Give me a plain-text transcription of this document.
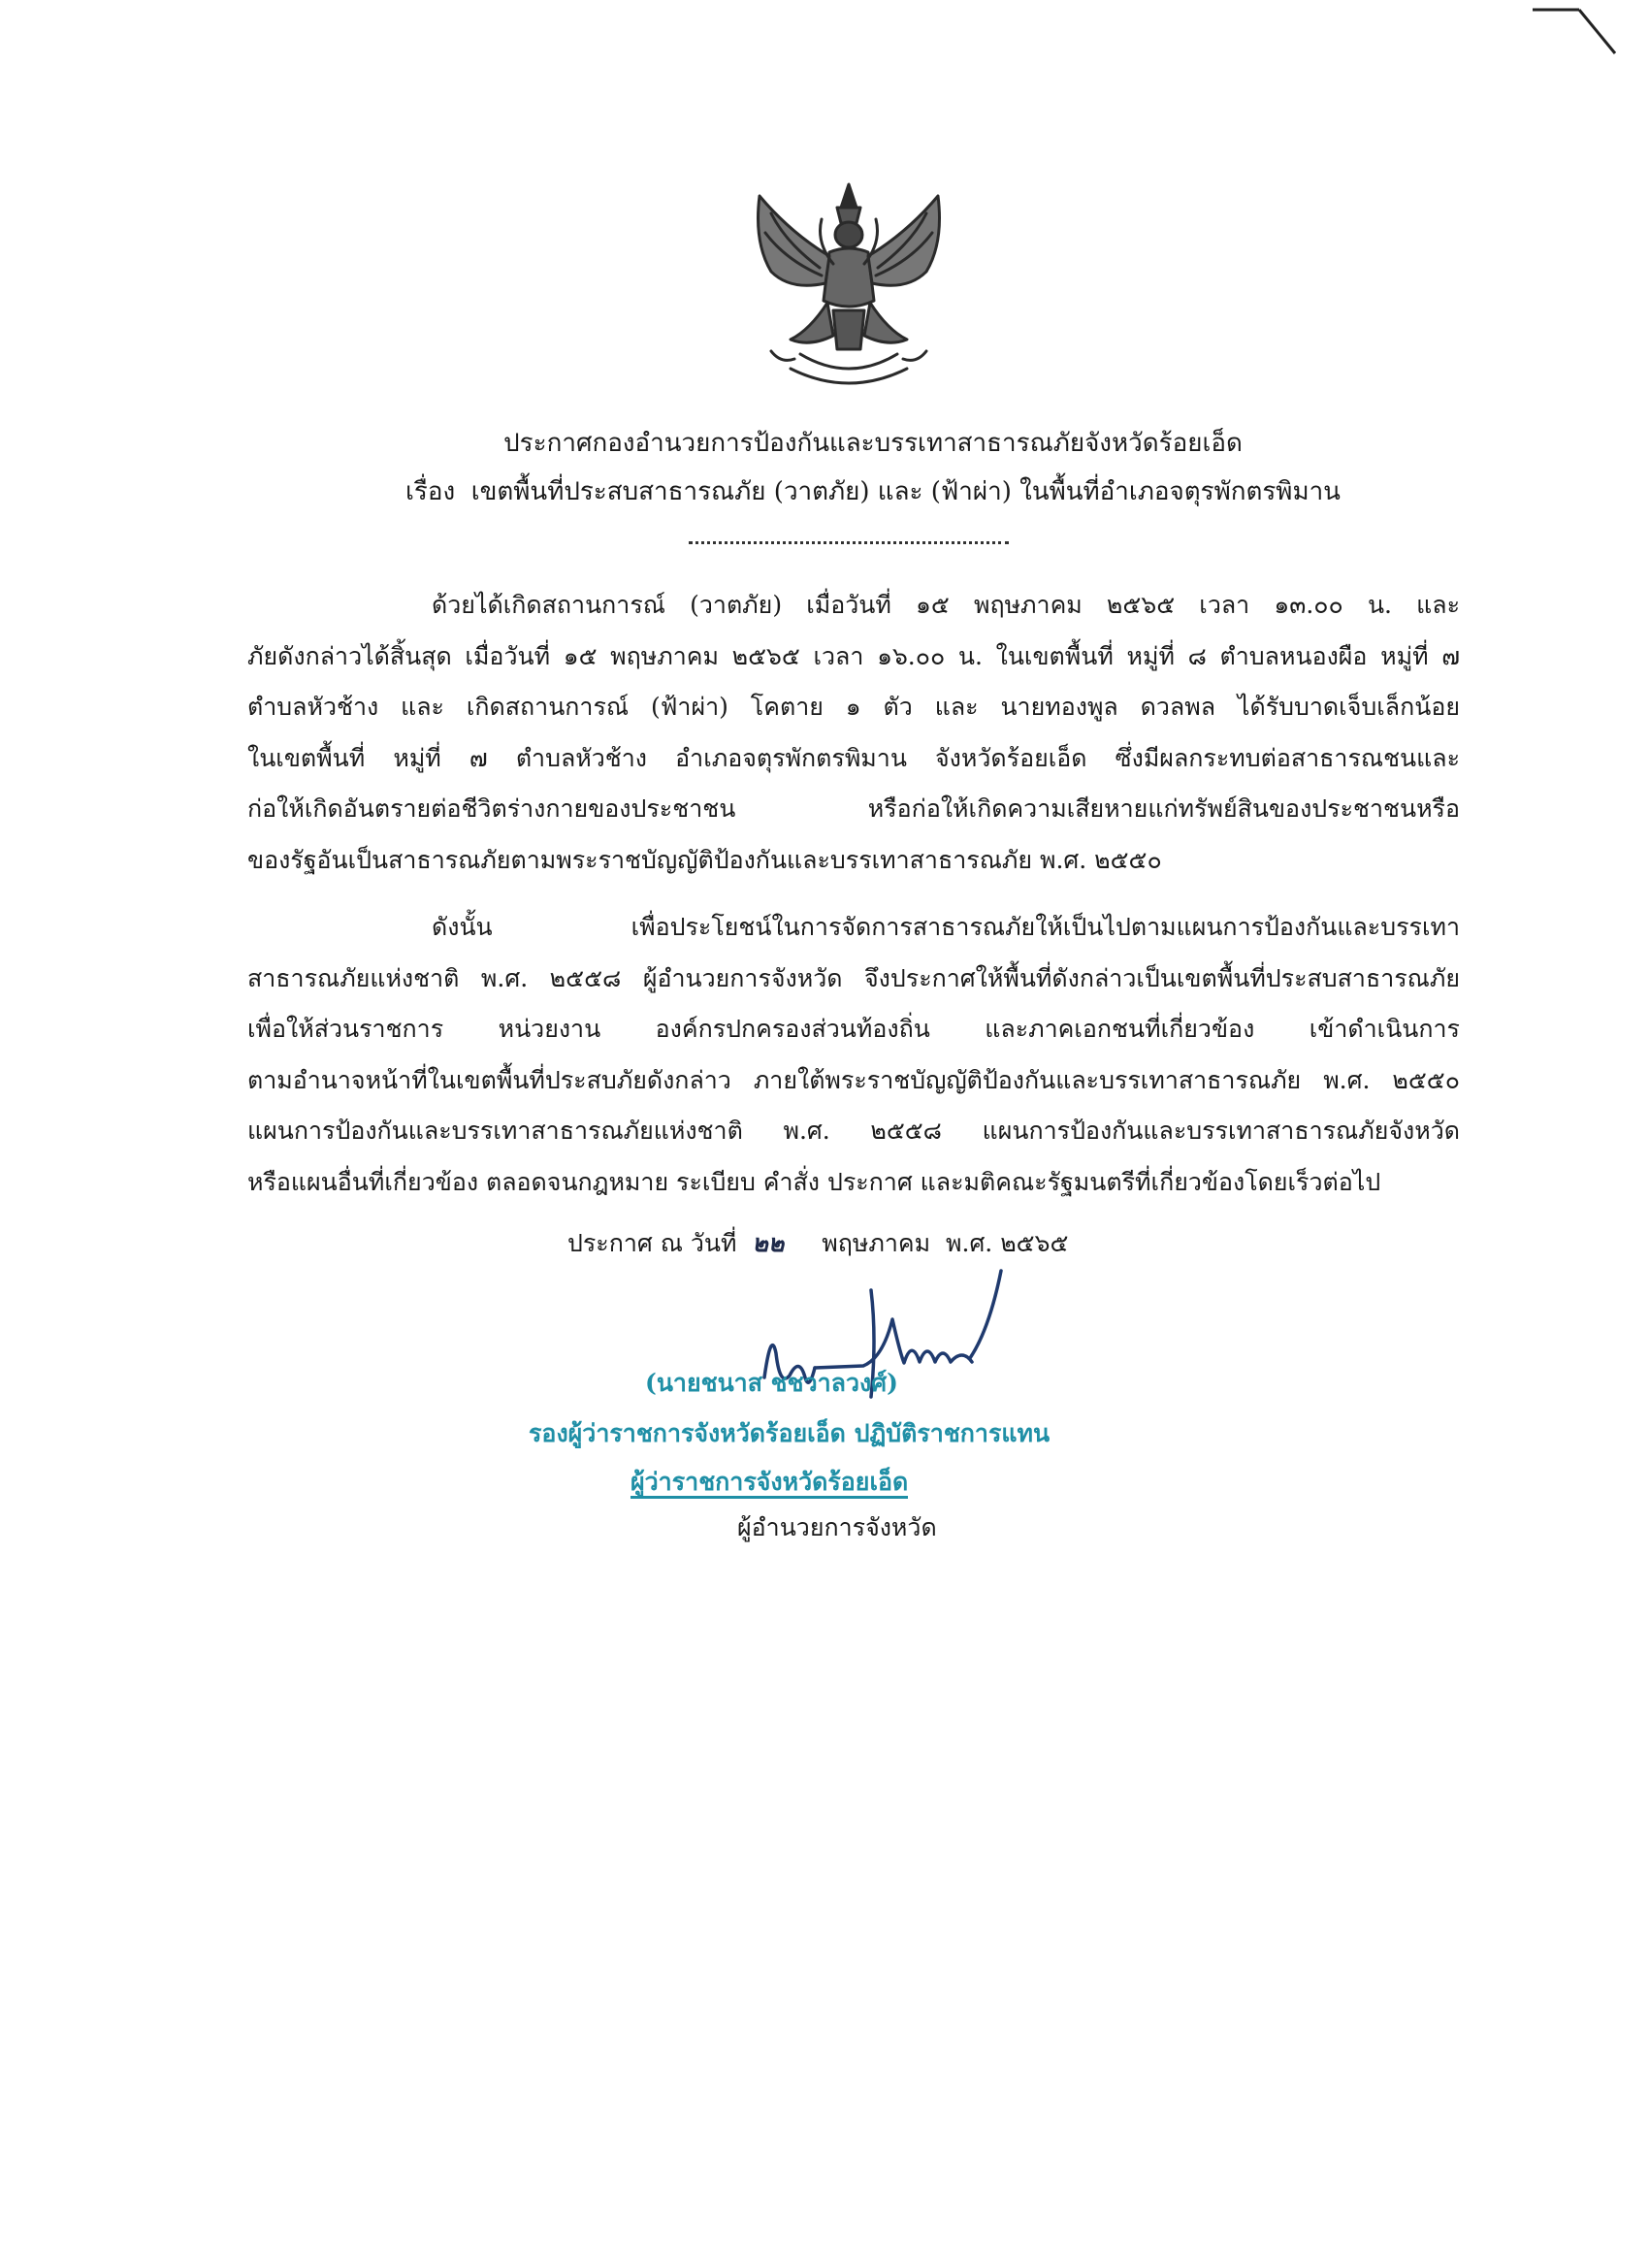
ประกาศกองอำนวยการป้องกันและบรรเทาสาธารณภัยจังหวัดร้อยเอ็ด
เรื่อง เขตพื้นที่ประสบสาธารณภัย (วาตภัย) และ (ฟ้าผ่า) ในพื้นที่อำเภอจตุรพักตรพิมาน
ด้วยได้เกิดสถานการณ์ (วาตภัย) เมื่อวันที่ ๑๕ พฤษภาคม ๒๕๖๕ เวลา ๑๓.๐๐ น. และ
ภัยดังกล่าวได้สิ้นสุด เมื่อวันที่ ๑๕ พฤษภาคม ๒๕๖๕ เวลา ๑๖.๐๐ น. ในเขตพื้นที่ หมู่ที่ ๘ ตำบลหนองผือ หมู่ที่ ๗
ตำบลหัวช้าง และ เกิดสถานการณ์ (ฟ้าผ่า) โคตาย ๑ ตัว และ นายทองพูล ดวลพล ได้รับบาดเจ็บเล็กน้อย
ในเขตพื้นที่ หมู่ที่ ๗ ตำบลหัวช้าง อำเภอจตุรพักตรพิมาน จังหวัดร้อยเอ็ด ซึ่งมีผลกระทบต่อสาธารณชนและ
ก่อให้เกิดอันตรายต่อชีวิตร่างกายของประชาชน หรือก่อให้เกิดความเสียหายแก่ทรัพย์สินของประชาชนหรือ
ของรัฐอันเป็นสาธารณภัยตามพระราชบัญญัติป้องกันและบรรเทาสาธารณภัย พ.ศ. ๒๕๕๐
ดังนั้น เพื่อประโยชน์ในการจัดการสาธารณภัยให้เป็นไปตามแผนการป้องกันและบรรเทา
สาธารณภัยแห่งชาติ พ.ศ. ๒๕๕๘ ผู้อำนวยการจังหวัด จึงประกาศให้พื้นที่ดังกล่าวเป็นเขตพื้นที่ประสบสาธารณภัย
เพื่อให้ส่วนราชการ หน่วยงาน องค์กรปกครองส่วนท้องถิ่น และภาคเอกชนที่เกี่ยวข้อง เข้าดำเนินการ
ตามอำนาจหน้าที่ในเขตพื้นที่ประสบภัยดังกล่าว ภายใต้พระราชบัญญัติป้องกันและบรรเทาสาธารณภัย พ.ศ. ๒๕๕๐
แผนการป้องกันและบรรเทาสาธารณภัยแห่งชาติ พ.ศ. ๒๕๕๘ แผนการป้องกันและบรรเทาสาธารณภัยจังหวัด
หรือแผนอื่นที่เกี่ยวข้อง ตลอดจนกฎหมาย ระเบียบ คำสั่ง ประกาศ และมติคณะรัฐมนตรีที่เกี่ยวข้องโดยเร็วต่อไป
ประกาศ ณ วันที่ ๒๒ พฤษภาคม พ.ศ. ๒๕๖๕
(นายชนาส ชชวาลวงศ์)
รองผู้ว่าราชการจังหวัดร้อยเอ็ด ปฏิบัติราชการแทน
ผู้ว่าราชการจังหวัดร้อยเอ็ด
ผู้อำนวยการจังหวัด
